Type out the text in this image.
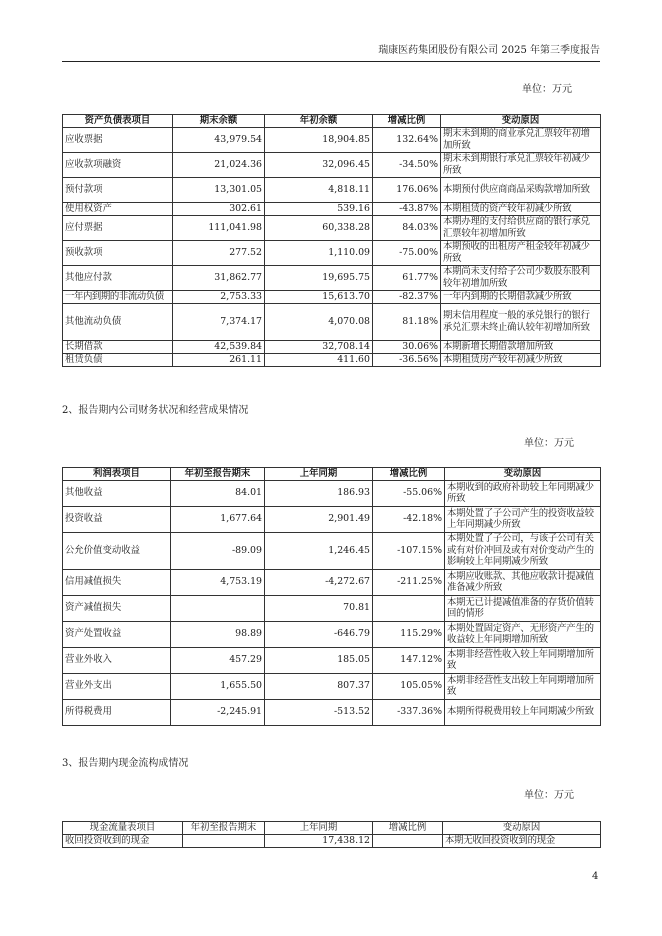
瑞康医药集团股份有限公司 2025 年第三季度报告
单位：万元
资产负债表项目	期末余额	年初余额	增减比例	变动原因
应收票据	43,979.54	18,904.85	132.64%	期末未到期的商业承兑汇票较年初增加所致
应收款项融资	21,024.36	32,096.45	-34.50%	期末未到期银行承兑汇票较年初减少所致
预付款项	13,301.05	4,818.11	176.06%	本期预付供应商商品采购款增加所致
使用权资产	302.61	539.16	-43.87%	本期租赁的资产较年初减少所致
应付票据	111,041.98	60,338.28	84.03%	本期办理的支付给供应商的银行承兑汇票较年初增加所致
预收款项	277.52	1,110.09	-75.00%	本期预收的出租房产租金较年初减少所致
其他应付款	31,862.77	19,695.75	61.77%	本期尚未支付给子公司少数股东股利较年初增加所致
一年内到期的非流动负债	2,753.33	15,613.70	-82.37%	一年内到期的长期借款减少所致
其他流动负债	7,374.17	4,070.08	81.18%	期末信用程度一般的承兑银行的银行承兑汇票未终止确认较年初增加所致
长期借款	42,539.84	32,708.14	30.06%	本期新增长期借款增加所致
租赁负债	261.11	411.60	-36.56%	本期租赁房产较年初减少所致
2、报告期内公司财务状况和经营成果情况
单位：万元
利润表项目	年初至报告期末	上年同期	增减比例	变动原因
其他收益	84.01	186.93	-55.06%	本期收到的政府补助较上年同期减少所致
投资收益	1,677.64	2,901.49	-42.18%	本期处置了子公司产生的投资收益较上年同期减少所致
公允价值变动收益	-89.09	1,246.45	-107.15%	本期处置了子公司，与该子公司有关或有对价冲回及或有对价变动产生的影响较上年同期减少所致
信用减值损失	4,753.19	-4,272.67	-211.25%	本期应收账款、其他应收款计提减值准备减少所致
资产减值损失		70.81		本期无已计提减值准备的存货价值转回的情形
资产处置收益	98.89	-646.79	115.29%	本期处置固定资产、无形资产产生的收益较上年同期增加所致
营业外收入	457.29	185.05	147.12%	本期非经营性收入较上年同期增加所致
营业外支出	1,655.50	807.37	105.05%	本期非经营性支出较上年同期增加所致
所得税费用	-2,245.91	-513.52	-337.36%	本期所得税费用较上年同期减少所致
3、报告期内现金流构成情况
单位：万元
现金流量表项目	年初至报告期末	上年同期	增减比例	变动原因
收回投资收到的现金		17,438.12		本期无收回投资收到的现金
4
